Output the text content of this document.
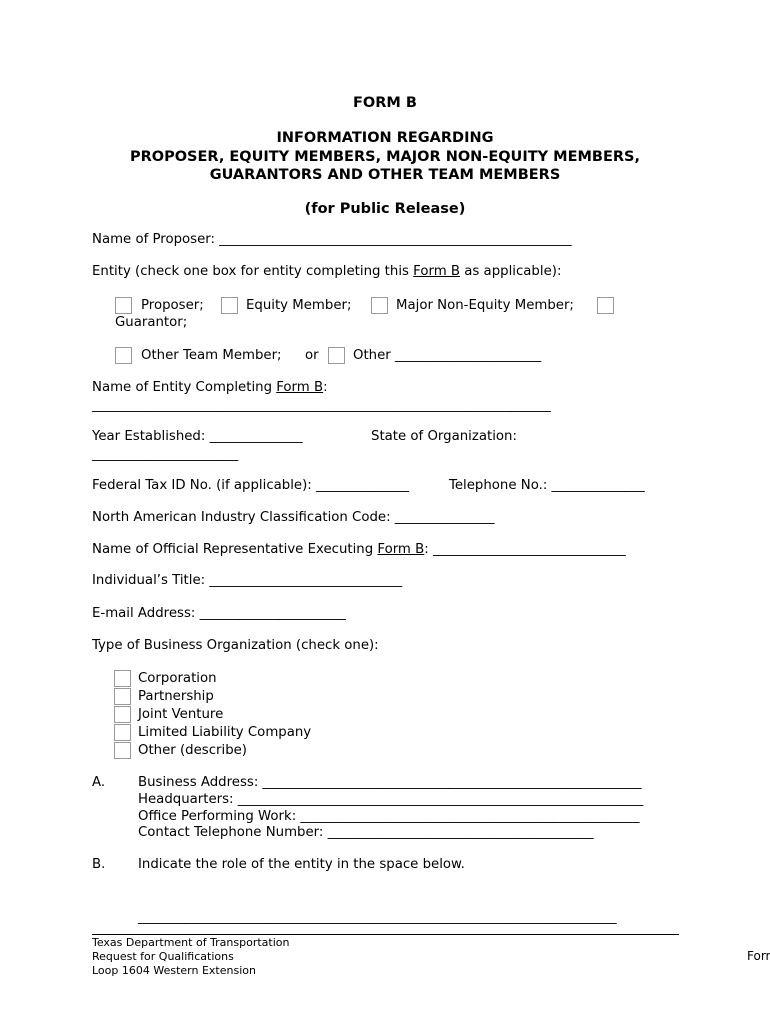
FORM B
INFORMATION REGARDING
PROPOSER, EQUITY MEMBERS, MAJOR NON-EQUITY MEMBERS,
GUARANTORS AND OTHER TEAM MEMBERS
(for Public Release)
Name of Proposer: _____________________________________________________
Entity (check one box for entity completing this Form B as applicable):
Proposer;	Equity Member;	Major Non-Equity Member;
Guarantor;
Other Team Member; or	Other ______________________
Name of Entity Completing Form B:
_____________________________________________________________________
Year Established: ______________	State of Organization:
______________________
Federal Tax ID No. (if applicable): ______________	Telephone No.: ______________
North American Industry Classification Code: _______________
Name of Official Representative Executing Form B: _____________________________
Individual’s Title: _____________________________
E-mail Address: ______________________
Type of Business Organization (check one):
Corporation
Partnership
Joint Venture
Limited Liability Company
Other (describe)
A. Business Address: _________________________________________________________
Headquarters: _____________________________________________________________
Office Performing Work: ___________________________________________________
Contact Telephone Number: ________________________________________
B. Indicate the role of the entity in the space below.
________________________________________________________________________
Texas Department of Transportation
Request for Qualifications
Loop 1604 Western Extension
Forr
